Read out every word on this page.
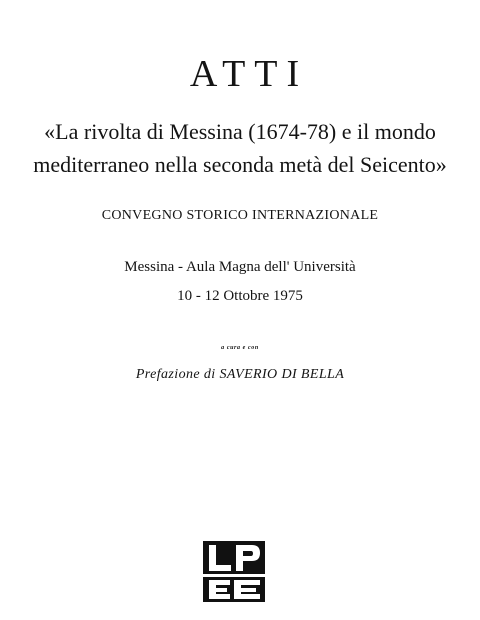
ATTI
«La rivolta di Messina (1674-78) e il mondo
mediterraneo nella seconda metà del Seicento»
CONVEGNO STORICO INTERNAZIONALE
Messina - Aula Magna dell' Università
10 - 12 Ottobre 1975
a cura e con
Prefazione di SAVERIO DI BELLA
